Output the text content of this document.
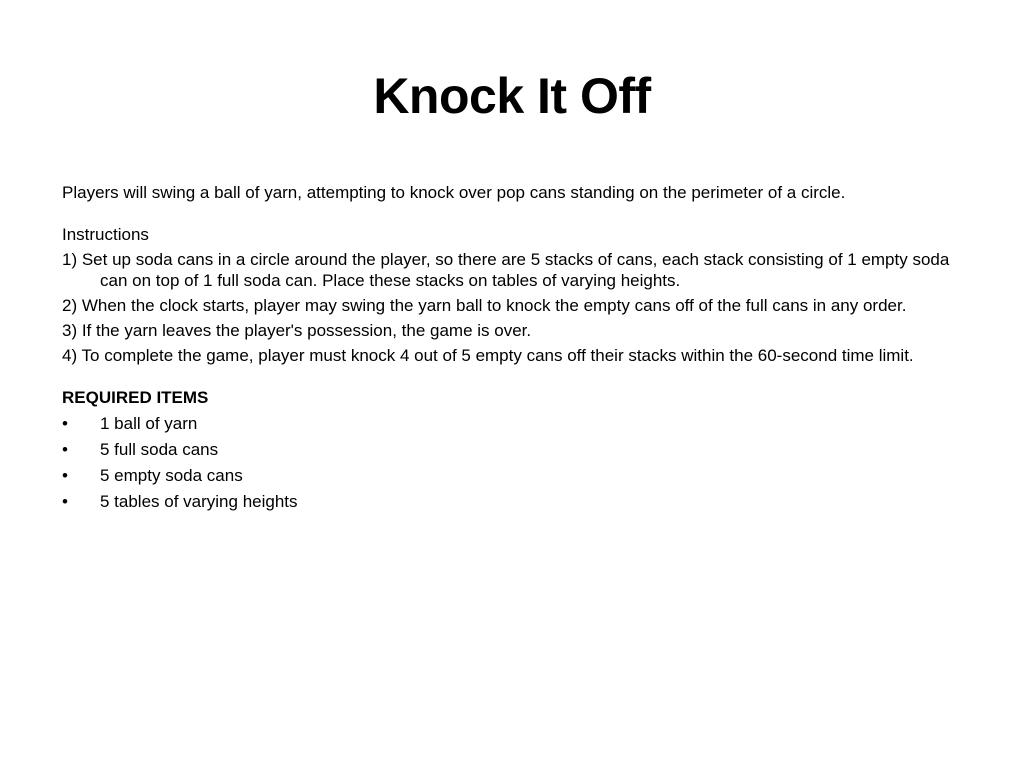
Knock It Off

Players will swing a ball of yarn, attempting to knock over pop cans standing on the perimeter of a circle.

Instructions

1) Set up soda cans in a circle around the player, so there are 5 stacks of cans, each stack consisting of 1 empty soda can on top of 1 full soda can. Place these stacks on tables of varying heights.

2) When the clock starts, player may swing the yarn ball to knock the empty cans off of the full cans in any order.

3) If the yarn leaves the player's possession, the game is over.

4) To complete the game, player must knock 4 out of 5 empty cans off their stacks within the 60-second time limit.

REQUIRED ITEMS

•	1 ball of yarn
•	5 full soda cans
•	5 empty soda cans
•	5 tables of varying heights
